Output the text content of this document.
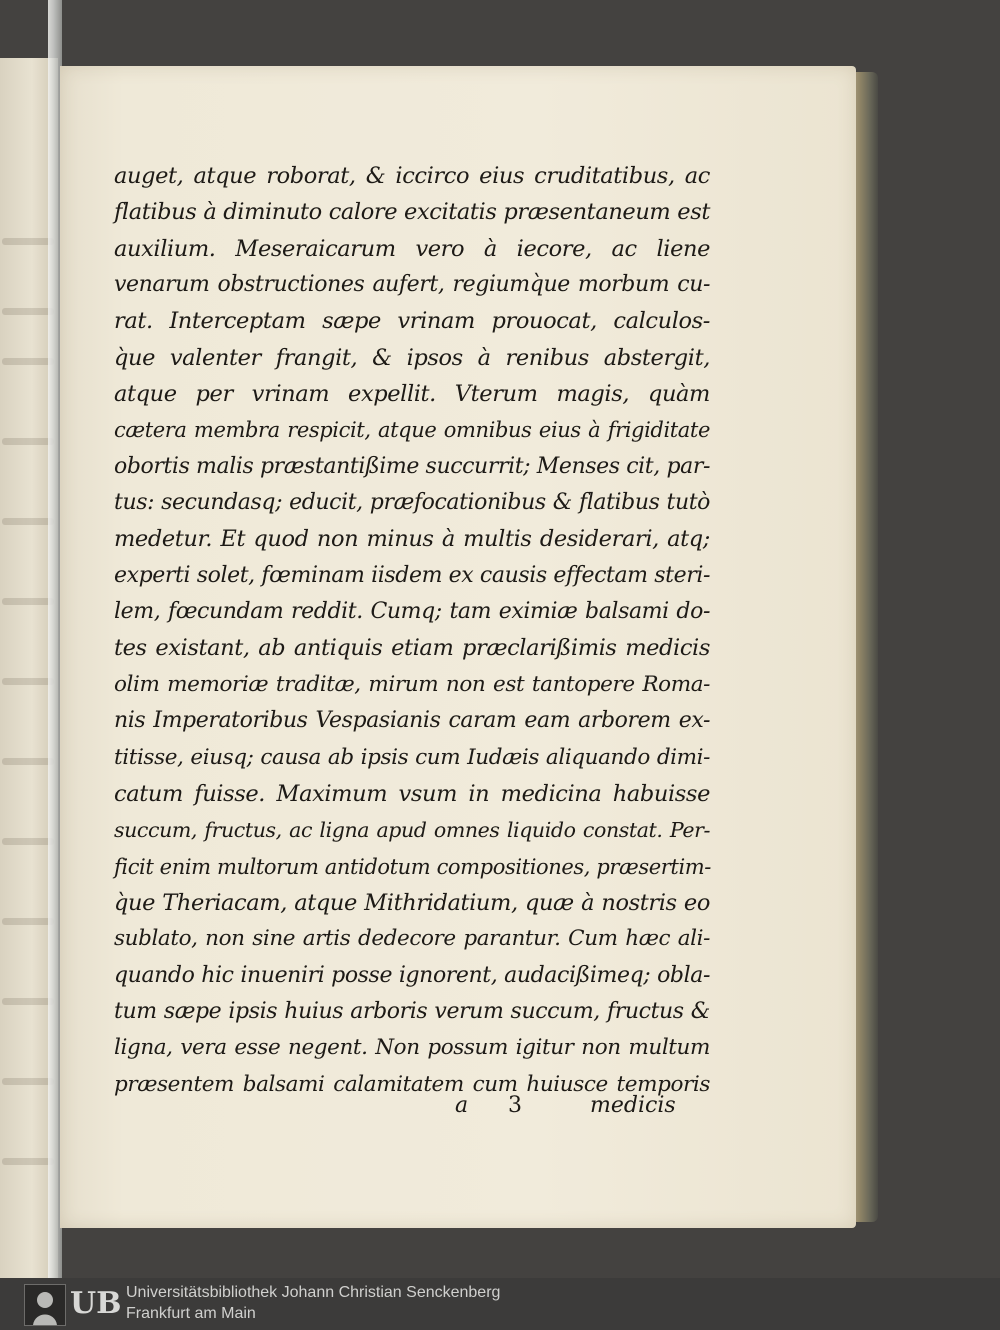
auget, atque roborat, & iccirco eius cruditatibus, ac
flatibus à diminuto calore excitatis præsentaneum est
auxilium. Meseraicarum vero à iecore, ac liene
venarum obstructiones aufert, regiumq̀ue morbum cu-
rat. Interceptam sæpe vrinam prouocat, calculos-
q̀ue valenter frangit, & ipsos à renibus abstergit,
atque per vrinam expellit. Vterum magis, quàm
cætera membra respicit, atque omnibus eius à frigiditate
obortis malis præstantißime succurrit; Menses cit, par-
tus: secundasq; educit, præfocationibus & flatibus tutò
medetur. Et quod non minus à multis desiderari, atq;
experti solet, fœminam iisdem ex causis effectam steri-
lem, fœcundam reddit. Cumq; tam eximiæ balsami do-
tes existant, ab antiquis etiam præclarißimis medicis
olim memoriæ traditæ, mirum non est tantopere Roma-
nis Imperatoribus Vespasianis caram eam arborem ex-
titisse, eiusq; causa ab ipsis cum Iudæis aliquando dimi-
catum fuisse. Maximum vsum in medicina habuisse
succum, fructus, ac ligna apud omnes liquido constat. Per-
ficit enim multorum antidotum compositiones, præsertim-
q̀ue Theriacam, atque Mithridatium, quæ à nostris eo
sublato, non sine artis dedecore parantur. Cum hæc ali-
quando hic inueniri posse ignorent, audacißimeq; obla-
tum sæpe ipsis huius arboris verum succum, fructus &
ligna, vera esse negent. Non possum igitur non multum
præsentem balsami calamitatem cum huiusce temporis
a 3	medicis
UB Universitätsbibliothek Johann Christian Senckenberg
Frankfurt am Main
